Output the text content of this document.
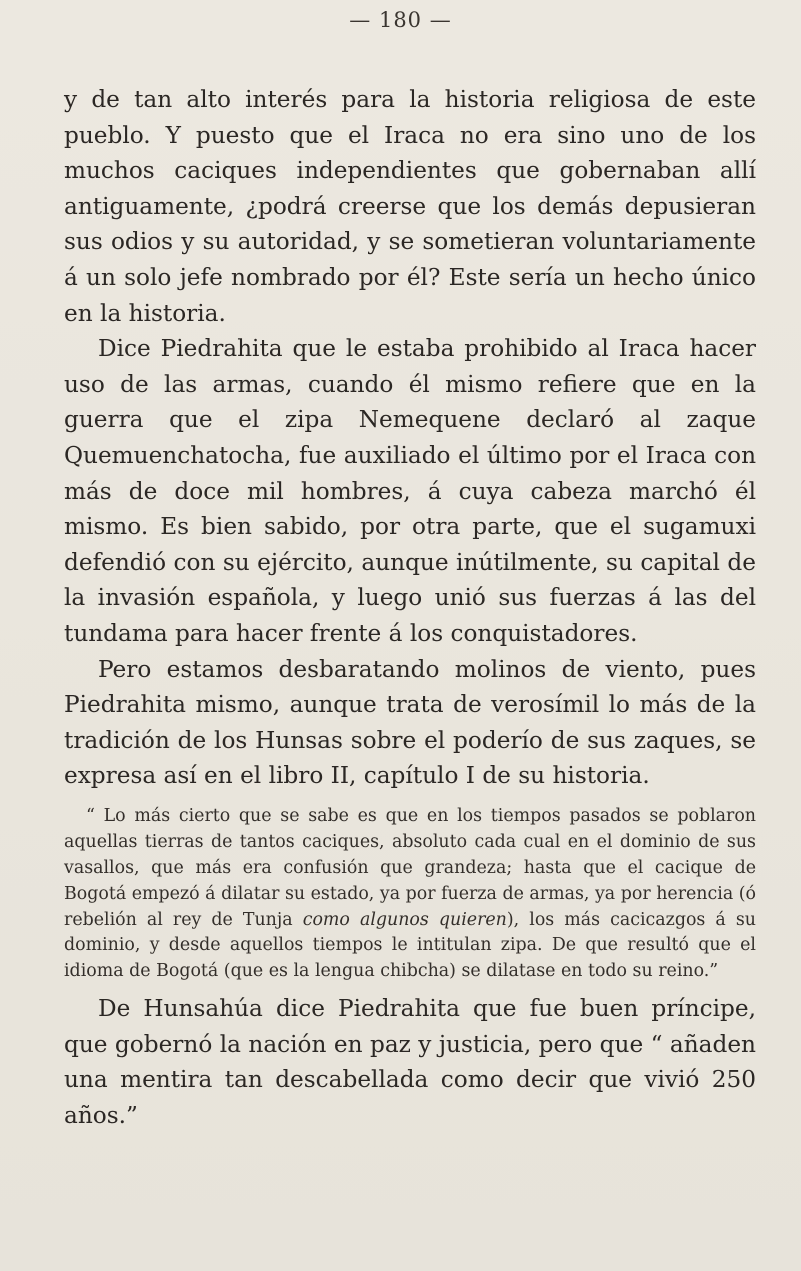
— 180 —

y de tan alto interés para la historia religiosa de este pueblo. Y puesto que el Iraca no era sino uno de los muchos caciques independientes que gobernaban allí antiguamente, ¿podrá creerse que los demás depusieran sus odios y su autoridad, y se sometieran voluntariamente á un solo jefe nombrado por él? Este sería un hecho único en la historia.

Dice Piedrahita que le estaba prohibido al Iraca hacer uso de las armas, cuando él mismo refiere que en la guerra que el zipa Nemequene declaró al zaque Quemuenchatocha, fue auxiliado el último por el Iraca con más de doce mil hombres, á cuya cabeza marchó él mismo. Es bien sabido, por otra parte, que el sugamuxi defendió con su ejército, aunque inútilmente, su capital de la invasión española, y luego unió sus fuerzas á las del tundama para hacer frente á los conquistadores.

Pero estamos desbaratando molinos de viento, pues Piedrahita mismo, aunque trata de verosímil lo más de la tradición de los Hunsas sobre el poderío de sus zaques, se expresa así en el libro II, capítulo I de su historia.

“ Lo más cierto que se sabe es que en los tiempos pasados se poblaron aquellas tierras de tantos caciques, absoluto cada cual en el dominio de sus vasallos, que más era confusión que grandeza; hasta que el cacique de Bogotá empezó á dilatar su estado, ya por fuerza de armas, ya por herencia (ó rebelión al rey de Tunja como algunos quieren), los más cacicazgos á su dominio, y desde aquellos tiempos le intitulan zipa. De que resultó que el idioma de Bogotá (que es la lengua chibcha) se dilatase en todo su reino.”

De Hunsahúa dice Piedrahita que fue buen príncipe, que gobernó la nación en paz y justicia, pero que “ añaden una mentira tan descabellada como decir que vivió 250 años.”
